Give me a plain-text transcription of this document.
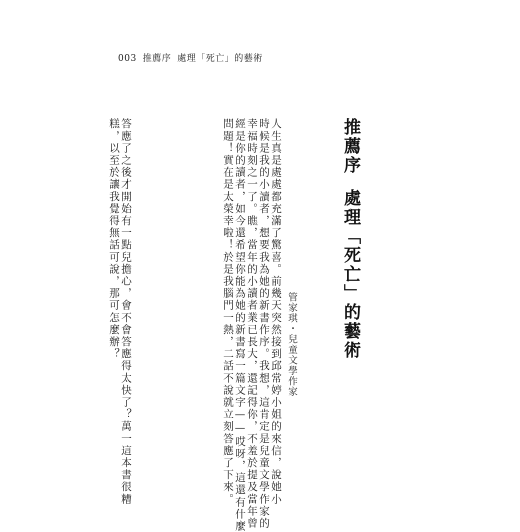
003 推薦序 處理「死亡」的藝術
推薦序處理「死亡」的藝術
管家琪・兒童文學作家
人生真是處處都充滿了驚喜。前幾天突然接到邱常婷小姐的來信，說她小
時候是我的小讀者，想要我為她的新書作序。我想，這肯定是兒童文學作家的
幸福時刻之一了。瞧，當年的小讀者業已長大，還記得你，不羞於提及當年曾
經是你的讀者，如今還希望你能為她的新書寫一篇文字——哎呀，這還有什麼
問題！實在是太榮幸啦！於是我腦門一熱，二話不說就立刻答應了下來。
答應了之後才開始有一點兒擔心，會不會答應得太快了？萬一這本書很糟
糕，以至於讓我覺得無話可說，那可怎麼辦？
